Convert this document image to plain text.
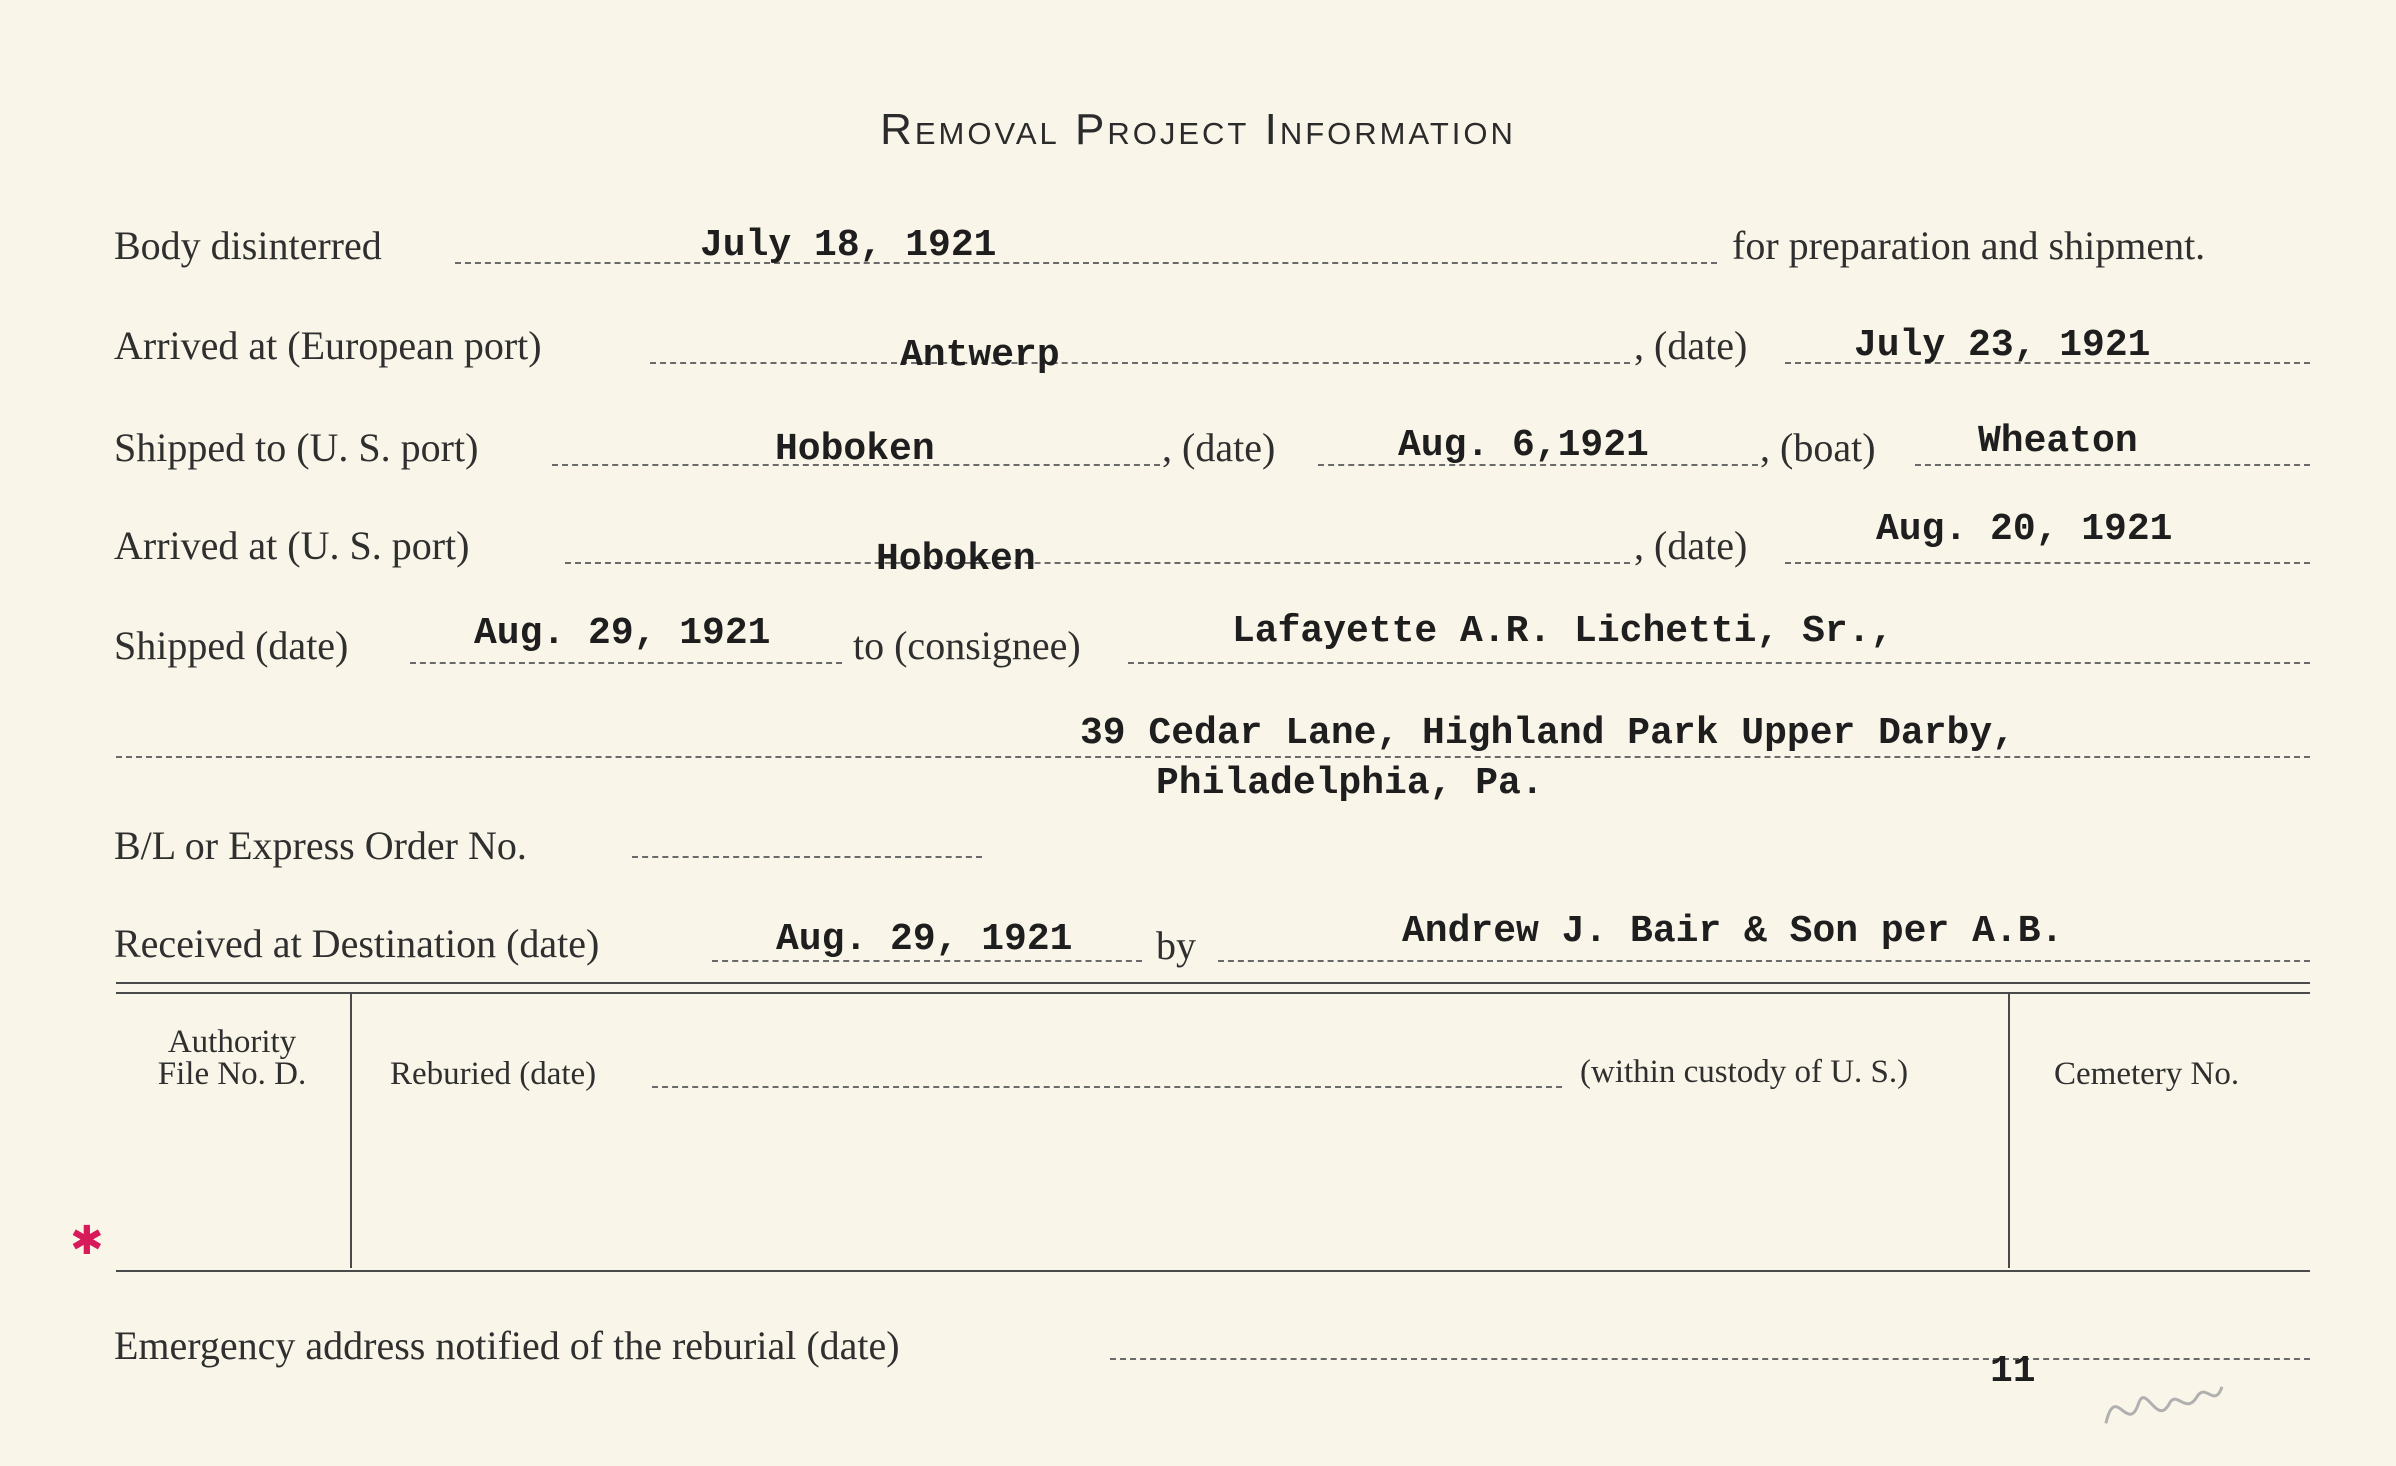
Removal Project Information
Body disinterred	July 18, 1921	for preparation and shipment.
Arrived at (European port)	Antwerp	, (date)	July 23, 1921
Shipped to (U. S. port)	Hoboken	, (date)	Aug. 6,1921	, (boat)	Wheaton
Arrived at (U. S. port)	Hoboken	, (date)	Aug. 20, 1921
Shipped (date)	Aug. 29, 1921 to (consignee)	Lafayette A.R. Lichetti, Sr.,
39 Cedar Lane, Highland Park Upper Darby,
Philadelphia, Pa.
B/L or Express Order No.
Received at Destination (date)	Aug. 29, 1921 by	Andrew J. Bair & Son per A.B.
Authority
File No. D.	Reburied (date)	(within custody of U. S.)	Cemetery No.
Emergency address notified of the reburial (date)
11
✱
